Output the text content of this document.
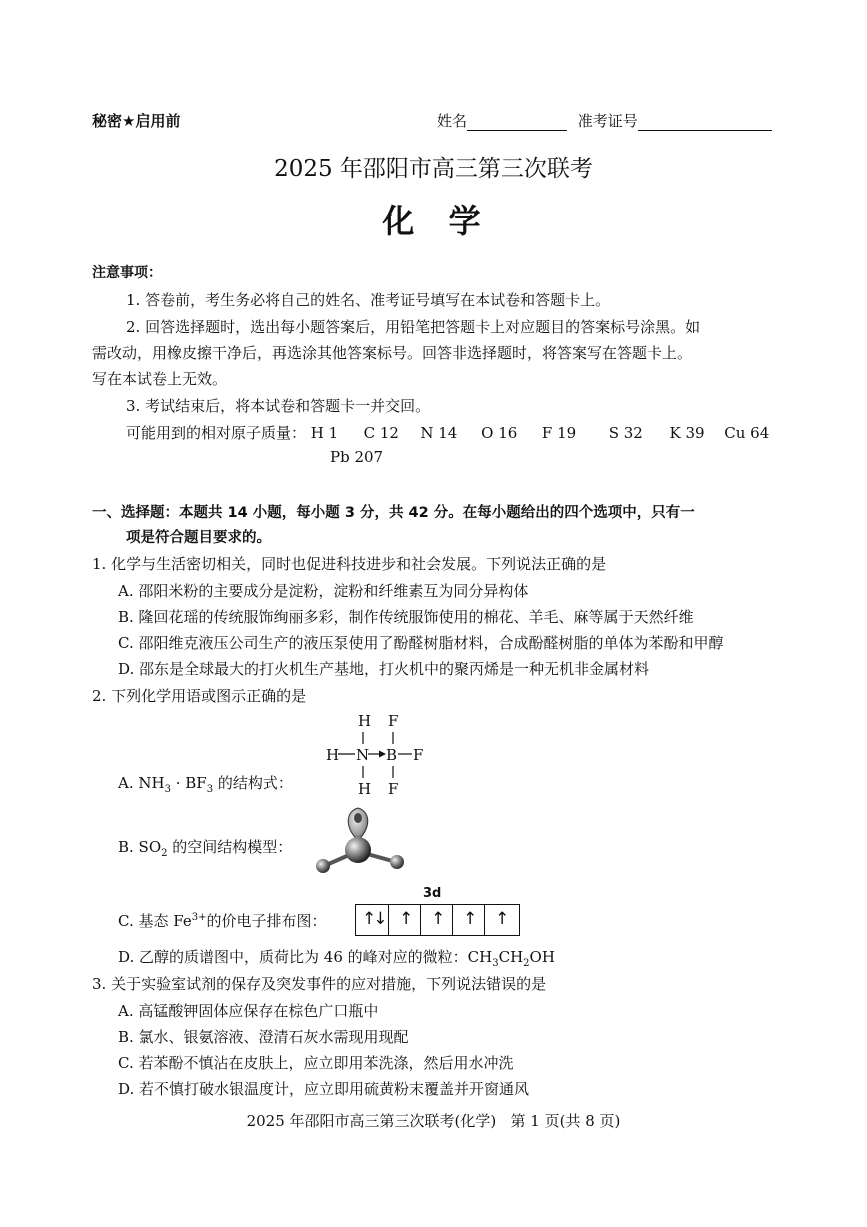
秘密★启用前	姓名	准考证号
2025 年邵阳市高三第三次联考
化  学
注意事项：
1. 答卷前，考生务必将自己的姓名、准考证号填写在本试卷和答题卡上。
2. 回答选择题时，选出每小题答案后，用铅笔把答题卡上对应题目的答案标号涂黑。如
需改动，用橡皮擦干净后，再选涂其他答案标号。回答非选择题时，将答案写在答题卡上。
写在本试卷上无效。
3. 考试结束后，将本试卷和答题卡一并交回。
可能用到的相对原子质量： H 1 C 12 N 14 O 16 F 19 S 32 K 39 Cu 64
Pb 207
一、选择题：本题共 14 小题，每小题 3 分，共 42 分。在每小题给出的四个选项中，只有一
项是符合题目要求的。
1. 化学与生活密切相关，同时也促进科技进步和社会发展。下列说法正确的是
A. 邵阳米粉的主要成分是淀粉，淀粉和纤维素互为同分异构体
B. 隆回花瑶的传统服饰绚丽多彩，制作传统服饰使用的棉花、羊毛、麻等属于天然纤维
C. 邵阳维克液压公司生产的液压泵使用了酚醛树脂材料，合成酚醛树脂的单体为苯酚和甲醇
D. 邵东是全球最大的打火机生产基地，打火机中的聚丙烯是一种无机非金属材料
2. 下列化学用语或图示正确的是
A. $NH_3 \cdot BF_3$ 的结构式：
H F
H N B F
H F
B. $SO_2$ 的空间结构模型：
C. 基态 $Fe^{3+}$的价电子排布图：
3d
↑↓ ↑ ↑ ↑ ↑
D. 乙醇的质谱图中，质荷比为 46 的峰对应的微粒：$CH_3CH_2OH$
3. 关于实验室试剂的保存及突发事件的应对措施，下列说法错误的是
A. 高锰酸钾固体应保存在棕色广口瓶中
B. 氯水、银氨溶液、澄清石灰水需现用现配
C. 若苯酚不慎沾在皮肤上，应立即用苯洗涤，然后用水冲洗
D. 若不慎打破水银温度计，应立即用硫黄粉末覆盖并开窗通风
2025 年邵阳市高三第三次联考(化学)   第 1 页(共 8 页)
